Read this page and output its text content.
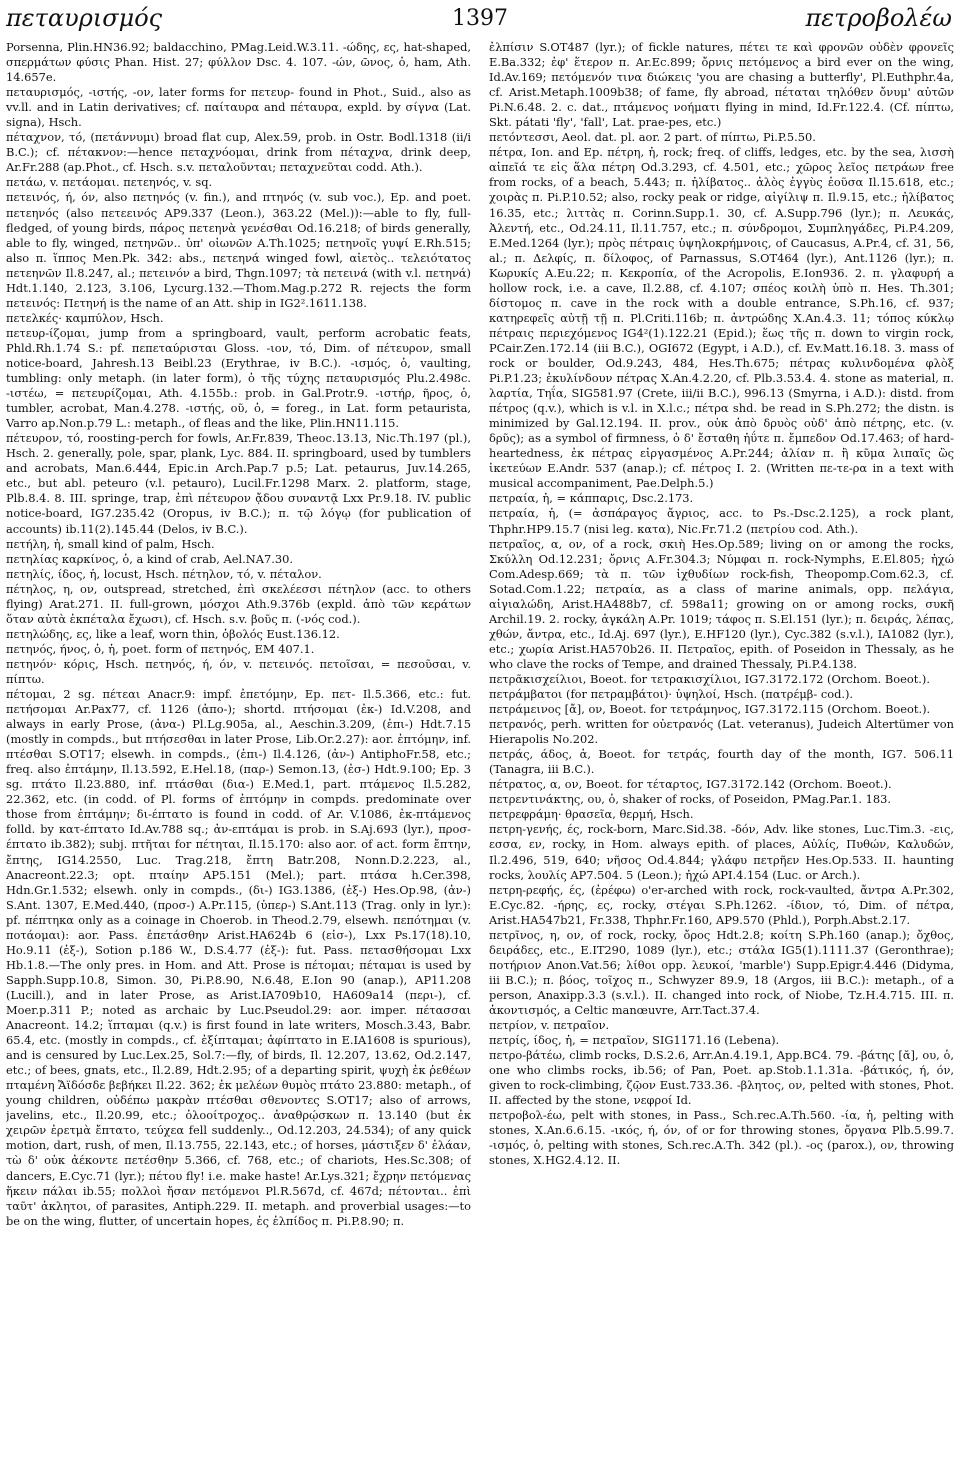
πεταυρισμός	1397	πετροβολέω

Porsenna, Plin.HN36.92; baldacchino, PMag.Leid.W.3.11. -ώδης, ες, hat-shaped, σπερμάτων φύσις Phan. Hist. 27; φύλλον Dsc. 4. 107. -ών, ῶνος, ὁ, ham, Ath. 14.657e.

πεταυρισμός, -ιστής, -ον, later forms for πετευρ- found in Phot., Suid., also as vv.ll. and in Latin derivatives; cf. παίταυρα and πέταυρα, expld. by σίγνα (Lat. signa), Hsch.

πέταχνον, τό, (πετάννυμι) broad flat cup, Alex.59, prob. in Ostr. Bodl.1318 (ii/i B.C.); cf. πέτακνον:—hence πεταχνόομαι, drink from πέταχνα, drink deep, Ar.Fr.288 (ap.Phot., cf. Hsch. s.v. πεταλοῦνται; πεταχνεῦται codd. Ath.).

πετάω, v. πετάομαι. πετεηνός, v. sq.

πετεινός, ή, όν, also πετηνός (v. fin.), and πτηνός (v. sub voc.), Ep. and poet. πετεηνός (also πετεεινός AP9.337 (Leon.), 363.22 (Mel.)):—able to fly, full-fledged, of young birds, πάρος πετεηνὰ γενέσθαι Od.16.218; of birds generally, able to fly, winged, πετηνῶν.. ὑπ' οἰωνῶν A.Th.1025; πετηνοῖς γυψί E.Rh.515; also π. ἵππος Men.Pk. 342: abs., πετεηνά winged fowl, αἰετὸς.. τελειότατος πετεηνῶν Il.8.247, al.; πετεινόν a bird, Thgn.1097; τὰ πετεινά (with v.l. πετηνά) Hdt.1.140, 2.123, 3.106, Lycurg.132.—Thom.Mag.p.272 R. rejects the form πετεινός: Πετηνή is the name of an Att. ship in IG2².1611.138.

πετελκές· καμπύλον, Hsch.

πετευρ-ίζομαι, jump from a springboard, vault, perform acrobatic feats, Phld.Rh.1.74 S.: pf. πεπεταύρισται Gloss. -ιον, τό, Dim. of πέτευρον, small notice-board, Jahresh.13 Beibl.23 (Erythrae, iv B.C.). -ισμός, ὁ, vaulting, tumbling: only metaph. (in later form), ὁ τῆς τύχης πεταυρισμός Plu.2.498c. -ιστέω, = πετευρίζομαι, Ath. 4.155b.: prob. in Gal.Protr.9. -ιστήρ, ῆρος, ὁ, tumbler, acrobat, Man.4.278. -ιστής, οῦ, ὁ, = foreg., in Lat. form petaurista, Varro ap.Non.p.79 L.: metaph., of fleas and the like, Plin.HN11.115.

πέτευρον, τό, roosting-perch for fowls, Ar.Fr.839, Theoc.13.13, Nic.Th.197 (pl.), Hsch. 2. generally, pole, spar, plank, Lyc. 884. II. springboard, used by tumblers and acrobats, Man.6.444, Epic.in Arch.Pap.7 p.5; Lat. petaurus, Juv.14.265, etc., but abl. peteuro (v.l. petauro), Lucil.Fr.1298 Marx. 2. platform, stage, Plb.8.4. 8. III. springe, trap, ἐπὶ πέτευρον ᾄδου συναντᾷ Lxx Pr.9.18. IV. public notice-board, IG7.235.42 (Oropus, iv B.C.); π. τῷ λόγῳ (for publication of accounts) ib.11(2).145.44 (Delos, iv B.C.).

πετήλη, ἡ, small kind of palm, Hsch.

πετηλίας καρκίνος, ὁ, a kind of crab, Ael.NA7.30.

πετηλίς, ίδος, ἡ, locust, Hsch. πέτηλον, τό, v. πέταλον.

πέτηλος, η, ον, outspread, stretched, ἐπὶ σκελέεσσι πέτηλον (acc. to others flying) Arat.271. II. full-grown, μόσχοι Ath.9.376b (expld. ἀπὸ τῶν κεράτων ὅταν αὐτὰ ἐκπέταλα ἔχωσι), cf. Hsch. s.v. βοῦς π. (-νός cod.).

πετηλώδης, ες, like a leaf, worn thin, ὀβολός Eust.136.12.

πετηνός, ήνος, ὁ, ἡ, poet. form of πετηνός, EM 407.1.

πετηνόν· κόρις, Hsch. πετηνός, ή, όν, v. πετεινός. πετοῖσαι, = πεσοῦσαι, v. πίπτω.

πέτομαι, 2 sg. πέτεαι Anacr.9: impf. ἐπετόμην, Ep. πετ- Il.5.366, etc.: fut. πετήσομαι Ar.Pax77, cf. 1126 (ἀπο-); shortd. πτήσομαι (ἐκ-) Id.V.208, and always in early Prose, (ἀνα-) Pl.Lg.905a, al., Aeschin.3.209, (ἐπι-) Hdt.7.15 (mostly in compds., but πτήσεσθαι in later Prose, Lib.Or.2.27): aor. ἐπτόμην, inf. πτέσθαι S.OT17; elsewh. in compds., (ἐπι-) Il.4.126, (ἀν-) AntiphoFr.58, etc.; freq. also ἐπτάμην, Il.13.592, E.Hel.18, (παρ-) Semon.13, (ἐσ-) Hdt.9.100; Ep. 3 sg. πτάτο Il.23.880, inf. πτάσθαι (δια-) E.Med.1, part. πτάμενος Il.5.282, 22.362, etc. (in codd. of Pl. forms of ἐπτόμην in compds. predominate over those from ἐπτάμην; δι-έπτατο is found in codd. of Ar. V.1086, ἐκ-πτάμενος folld. by κατ-έπτατο Id.Av.788 sq.; ἀν-επτάμαι is prob. in S.Aj.693 (lyr.), προσ-έπτατο ib.382); subj. πτῆται for πέτηται, Il.15.170: also aor. of act. form ἔπτην, ἔπτης, IG14.2550, Luc. Trag.218, ἔπτη Batr.208, Nonn.D.2.223, al., Anacreont.22.3; opt. πταίην AP5.151 (Mel.); part. πτάσα h.Cer.398, Hdn.Gr.1.532; elsewh. only in compds., (δι-) IG3.1386, (ἐξ-) Hes.Op.98, (ἀν-) S.Ant. 1307, E.Med.440, (προσ-) A.Pr.115, (ὑπερ-) S.Ant.113 (Trag. only in lyr.): pf. πέπτηκα only as a coinage in Choerob. in Theod.2.79, elsewh. πεπότημαι (v. ποτάομαι): aor. Pass. ἐπετάσθην Arist.HA624b 6 (εἰσ-), Lxx Ps.17(18).10, Ho.9.11 (ἐξ-), Sotion p.186 W., D.S.4.77 (ἐξ-): fut. Pass. πετασθήσομαι Lxx Hb.1.8.—The only pres. in Hom. and Att. Prose is πέτομαι; πέταμαι is used by Sapph.Supp.10.8, Simon. 30, Pi.P.8.90, N.6.48, E.Ion 90 (anap.), AP11.208 (Lucill.), and in later Prose, as Arist.IA709b10, HA609a14 (περι-), cf. Moer.p.311 P.; noted as archaic by Luc.Pseudol.29: aor. imper. πέτασσαι Anacreont. 14.2; ἵπταμαι (q.v.) is first found in late writers, Mosch.3.43, Babr. 65.4, etc. (mostly in compds., cf. ἐξίπταμαι; ἀφίπτατο in E.IA1608 is spurious), and is censured by Luc.Lex.25, Sol.7:—fly, of birds, Il. 12.207, 13.62, Od.2.147, etc.; of bees, gnats, etc., Il.2.89, Hdt.2.95; of a departing spirit, ψυχὴ ἐκ ῥεθέων πταμένη Ἄϊδόσδε βεβήκει Il.22. 362; ἐκ μελέων θυμὸς πτάτο 23.880: metaph., of young children, οὐδέπω μακρὰν πτέσθαι σθενοντες S.OT17; also of arrows, javelins, etc., Il.20.99, etc.; ὀλοοίτροχος.. ἀναθρῴσκων π. 13.140 (but ἐκ χειρῶν ἐρετμὰ ἔπτατο, τεύχεα fell suddenly.., Od.12.203, 24.534); of any quick motion, dart, rush, of men, Il.13.755, 22.143, etc.; of horses, μάστιξεν δ' ἐλάαν, τὼ δ' οὐκ ἀέκοντε πετέσθην 5.366, cf. 768, etc.; of chariots, Hes.Sc.308; of dancers, E.Cyc.71 (lyr.); πέτου fly! i.e. make haste! Ar.Lys.321; ἔχρην πετόμενας ἥκειν πάλαι ib.55; πολλοὶ ἤσαν πετόμενοι Pl.R.567d, cf. 467d; πέτονται.. ἐπὶ ταῦτ' ἀκλητοι, of parasites, Antiph.229. II. metaph. and proverbial usages:—to be on the wing, flutter, of uncertain hopes, ἐς ἐλπίδος π. Pi.P.8.90; π.

ἐλπίσιν S.OT487 (lyr.); of fickle natures, πέτει τε καὶ φρονῶν οὐδὲν φρονεῖς E.Ba.332; ἐφ' ἕτερον π. Ar.Ec.899; ὄρνις πετόμενος a bird ever on the wing, Id.Av.169; πετόμενόν τινα διώκεις 'you are chasing a butterfly', Pl.Euthphr.4a, cf. Arist.Metaph.1009b38; of fame, fly abroad, πέταται τηλόθεν ὄνυμ' αὐτῶν Pi.N.6.48. 2. c. dat., πτάμενος νοήματι flying in mind, Id.Fr.122.4. (Cf. πίπτω, Skt. pátati 'fly', 'fall', Lat. prae-pes, etc.)

πετόντεσσι, Aeol. dat. pl. aor. 2 part. of πίπτω, Pi.P.5.50.

πέτρα, Ion. and Ep. πέτρη, ἡ, rock; freq. of cliffs, ledges, etc. by the sea, λισσὴ αἰπεῖά τε εἰς ἅλα πέτρη Od.3.293, cf. 4.501, etc.; χῶρος λεῖος πετράων free from rocks, of a beach, 5.443; π. ἠλίβατος.. ἀλὸς ἐγγὺς ἐοῦσα Il.15.618, etc.; χοιρὰς π. Pi.P.10.52; also, rocky peak or ridge, αἰγίλιψ π. Il.9.15, etc.; ἠλίβατος 16.35, etc.; λιττὰς π. Corinn.Supp.1. 30, cf. A.Supp.796 (lyr.); π. Λευκάς, Ἀλεντή, etc., Od.24.11, Il.11.757, etc.; π. σύνδρομοι, Συμπληγάδες, Pi.P.4.209, E.Med.1264 (lyr.); πρὸς πέτραις ὑψηλοκρήμνοις, of Caucasus, A.Pr.4, cf. 31, 56, al.; π. Δελφίς, π. δίλοφος, of Parnassus, S.OT464 (lyr.), Ant.1126 (lyr.); π. Κωρυκίς A.Eu.22; π. Κεκροπία, of the Acropolis, E.Ion936. 2. π. γλαφυρή a hollow rock, i.e. a cave, Il.2.88, cf. 4.107; σπέος κοιλὴ ὑπὸ π. Hes. Th.301; δίστομος π. cave in the rock with a double entrance, S.Ph.16, cf. 937; κατηρεφεῖς αὐτῇ τῇ π. Pl.Criti.116b; π. ἀντρώδης X.An.4.3. 11; τόπος κύκλῳ πέτραις περιεχόμενος IG4²(1).122.21 (Epid.); ἕως τῆς π. down to virgin rock, PCair.Zen.172.14 (iii B.C.), OGI672 (Egypt, i A.D.), cf. Ev.Matt.16.18. 3. mass of rock or boulder, Od.9.243, 484, Hes.Th.675; πέτρας κυλινδομένα φλὸξ Pi.P.1.23; ἐκυλίνδουν πέτρας X.An.4.2.20, cf. Plb.3.53.4. 4. stone as material, π. λαρτία, Τηΐα, SIG581.97 (Crete, iii/ii B.C.), 996.13 (Smyrna, i A.D.): distd. from πέτρος (q.v.), which is v.l. in X.l.c.; πέτρα shd. be read in S.Ph.272; the distn. is minimized by Gal.12.194. II. prov., οὐκ ἀπὸ δρυὸς οὐδ' ἀπὸ πέτρης, etc. (v. δρῦς); as a symbol of firmness, ὁ δ' ἔσταθη ἠΰτε π. ἔμπεδον Od.17.463; of hard-heartedness, ἐκ πέτρας εἰργασμένος A.Pr.244; ἀλίαν π. ἢ κῦμα λιπαῖς ὣς ἰκετεύων E.Andr. 537 (anap.); cf. πέτρος I. 2. (Written πε-τε-ρα in a text with musical accompaniment, Pae.Delph.5.)

πετραία, ἡ, = κάππαρις, Dsc.2.173.

πετραία, ἡ, (= ἀσπάραγος ἄγριος, acc. to Ps.-Dsc.2.125), a rock plant, Thphr.HP9.15.7 (nisi leg. κατα), Nic.Fr.71.2 (πετρίου cod. Ath.).

πετραῖος, α, ον, of a rock, σκιὴ Hes.Op.589; living on or among the rocks, Σκύλλη Od.12.231; ὄρνις A.Fr.304.3; Νύμφαι π. rock-Nymphs, E.El.805; ἠχώ Com.Adesp.669; τὰ π. τῶν ἰχθυδίων rock-fish, Theopomp.Com.62.3, cf. Sotad.Com.1.22; πετραία, as a class of marine animals, opp. πελάγια, αἰγιαλώδη, Arist.HA488b7, cf. 598a11; growing on or among rocks, συκῆ Archil.19. 2. rocky, ἀγκάλη A.Pr. 1019; τάφος π. S.El.151 (lyr.); π. δειράς, λέπας, χθών, ἄντρα, etc., Id.Aj. 697 (lyr.), E.HF120 (lyr.), Cyc.382 (s.v.l.), IA1082 (lyr.), etc.; χωρία Arist.HA570b26. II. Πετραῖος, epith. of Poseidon in Thessaly, as he who clave the rocks of Tempe, and drained Thessaly, Pi.P.4.138.

πετρᾶκισχείλιοι, Boeot. for τετρακισχίλιοι, IG7.3172.172 (Orchom. Boeot.).

πετράμβατοι (for πετραμβάτοι)· ὑψηλοί, Hsch. (πατρέμβ- cod.).

πετράμεινος [ἄ], ον, Boeot. for τετράμηνος, IG7.3172.115 (Orchom. Boeot.).

πετρανός, perh. written for οὐετρανός (Lat. veteranus), Judeich Altertümer von Hierapolis No.202.

πετράς, άδος, ἁ, Boeot. for τετράς, fourth day of the month, IG7. 506.11 (Tanagra, iii B.C.).

πέτρατος, α, ον, Boeot. for τέταρτος, IG7.3172.142 (Orchom. Boeot.).

πετρεντινάκτης, ου, ὁ, shaker of rocks, of Poseidon, PMag.Par.1. 183.

πετρεφράμη· θρασεῖα, θερμή, Hsch.

πετρη-γενής, ές, rock-born, Marc.Sid.38. -δόν, Adv. like stones, Luc.Tim.3. -εις, εσσα, εν, rocky, in Hom. always epith. of places, Αὐλίς, Πυθών, Καλυδών, Il.2.496, 519, 640; νῆσος Od.4.844; γλάφυ πετρῆεν Hes.Op.533. II. haunting rocks, λουλίς AP7.504. 5 (Leon.); ἠχώ API.4.154 (Luc. or Arch.).

πετρη-ρεφής, ές, (ἐρέφω) o'er-arched with rock, rock-vaulted, ἄντρα A.Pr.302, E.Cyc.82. -ήρης, ες, rocky, στέγαι S.Ph.1262. -ίδιον, τό, Dim. of πέτρα, Arist.HA547b21, Fr.338, Thphr.Fr.160, AP9.570 (Phld.), Porph.Abst.2.17.

πετρῖνος, η, ον, of rock, rocky, ὄρος Hdt.2.8; κοίτη S.Ph.160 (anap.); ὄχθος, δειράδες, etc., E.IT290, 1089 (lyr.), etc.; στάλα IG5(1).1111.37 (Geronthrae); ποτήριον Anon.Vat.56; λίθοι opp. λευκοί, 'marble') Supp.Epigr.4.446 (Didyma, iii B.C.); π. βόος, τοῖχος π., Schwyzer 89.9, 18 (Argos, iii B.C.): metaph., of a person, Anaxipp.3.3 (s.v.l.). II. changed into rock, of Niobe, Tz.H.4.715. III. π. ἀκοντισμός, a Celtic manœuvre, Arr.Tact.37.4.

πετρίον, v. πετραῖον.

πετρίς, ίδος, ἡ, = πετραῖον, SIG1171.16 (Lebena).

πετρο-βάτέω, climb rocks, D.S.2.6, Arr.An.4.19.1, App.BC4. 79. -βάτης [ᾰ], ου, ὁ, one who climbs rocks, ib.56; of Pan, Poet. ap.Stob.1.1.31a. -βάτικός, ή, όν, given to rock-climbing, ζῷον Eust.733.36. -βλητος, ον, pelted with stones, Phot. II. affected by the stone, νεφροί Id.

πετροβολ-έω, pelt with stones, in Pass., Sch.rec.A.Th.560. -ία, ἡ, pelting with stones, X.An.6.6.15. -ικός, ή, όν, of or for throwing stones, ὄργανα Plb.5.99.7. -ισμός, ὁ, pelting with stones, Sch.rec.A.Th. 342 (pl.). -ος (parox.), ον, throwing stones, X.HG2.4.12. II.
